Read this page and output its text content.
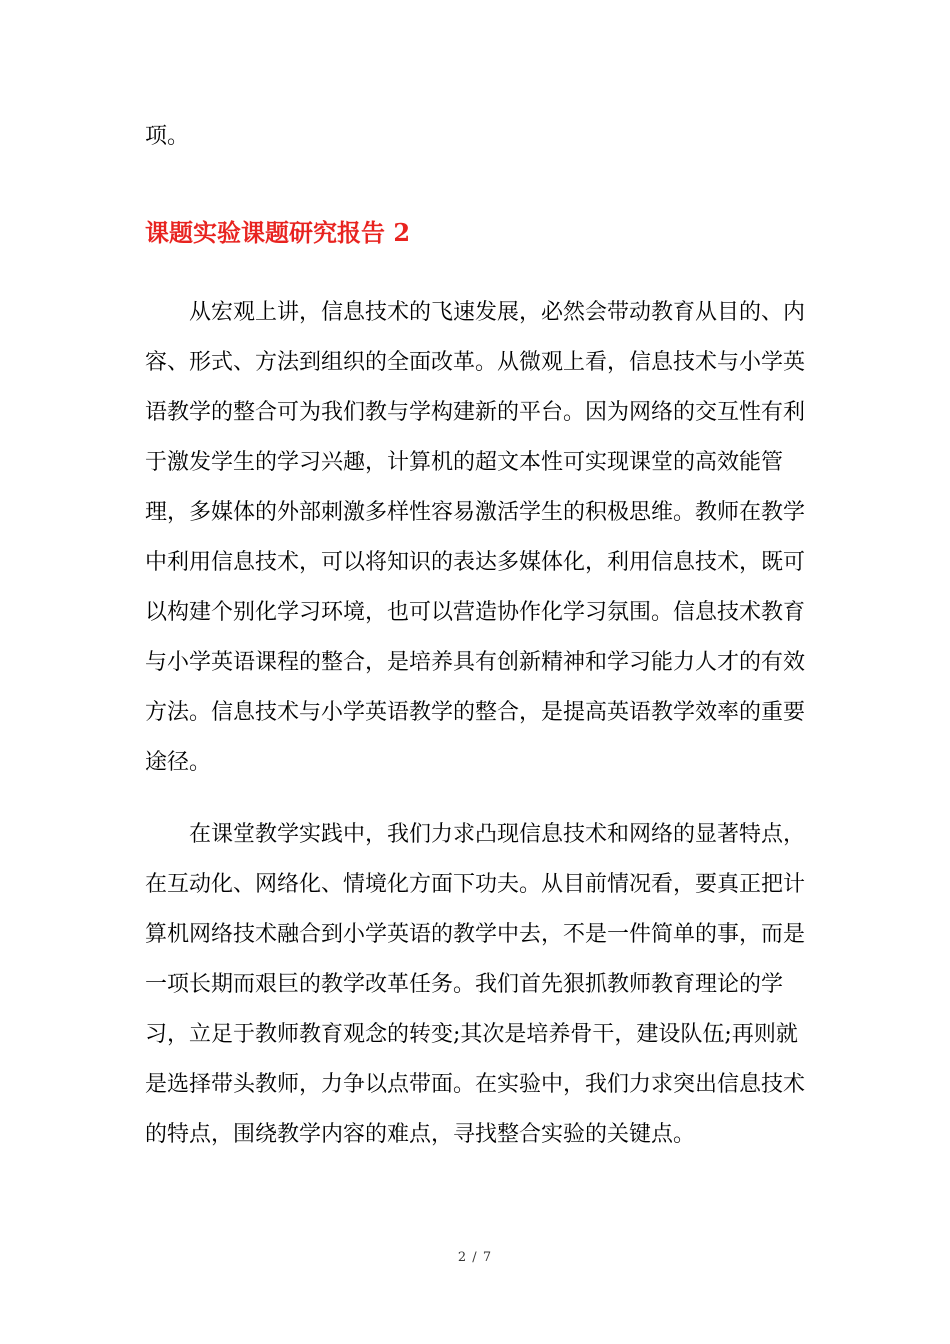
项。

课题实验课题研究报告 2

从宏观上讲，信息技术的飞速发展，必然会带动教育从目的、内

容、形式、方法到组织的全面改革。从微观上看，信息技术与小学英

语教学的整合可为我们教与学构建新的平台。因为网络的交互性有利

于激发学生的学习兴趣，计算机的超文本性可实现课堂的高效能管

理，多媒体的外部刺激多样性容易激活学生的积极思维。教师在教学

中利用信息技术，可以将知识的表达多媒体化，利用信息技术，既可

以构建个别化学习环境，也可以营造协作化学习氛围。信息技术教育

与小学英语课程的整合，是培养具有创新精神和学习能力人才的有效

方法。信息技术与小学英语教学的整合，是提高英语教学效率的重要

途径。

在课堂教学实践中，我们力求凸现信息技术和网络的显著特点，

在互动化、网络化、情境化方面下功夫。从目前情况看，要真正把计

算机网络技术融合到小学英语的教学中去，不是一件简单的事，而是

一项长期而艰巨的教学改革任务。我们首先狠抓教师教育理论的学

习，立足于教师教育观念的转变;其次是培养骨干，建设队伍;再则就

是选择带头教师，力争以点带面。在实验中，我们力求突出信息技术

的特点，围绕教学内容的难点，寻找整合实验的关键点。

2 / 7
